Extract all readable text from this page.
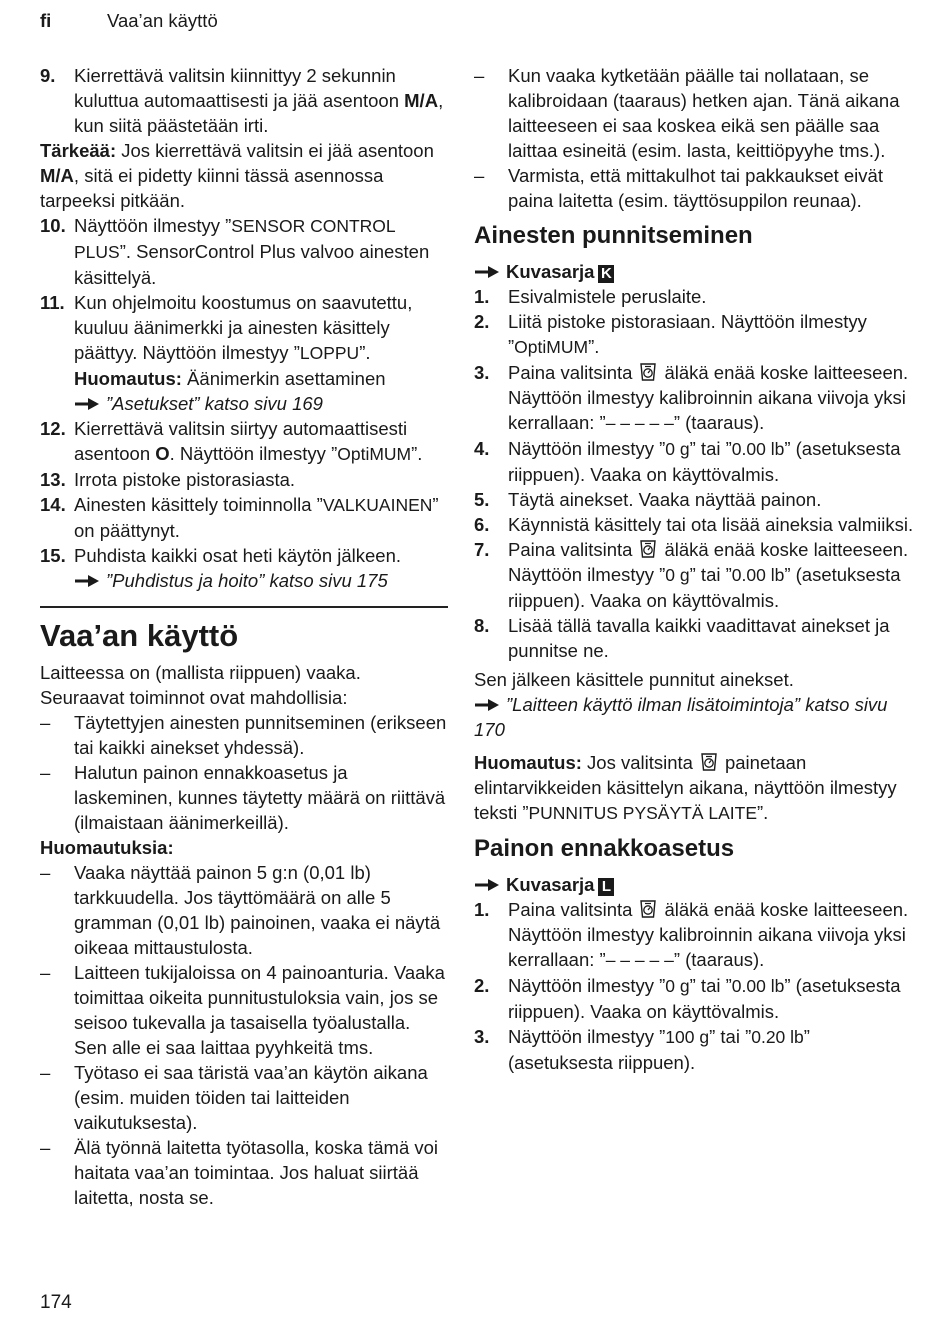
fi	Vaa’an käyttö
9.	Kierrettävä valitsin kiinnittyy 2 sekunnin kuluttua automaattisesti ja jää asentoon M/A, kun siitä päästetään irti.
Tärkeää: Jos kierrettävä valitsin ei jää asentoon M/A, sitä ei pidetty kiinni tässä asennossa tarpeeksi pitkään.
10. Näyttöön ilmestyy ”SENSOR CONTROL PLUS”. SensorControl Plus valvoo ainesten käsittelyä.
11. Kun ohjelmoitu koostumus on saavutettu, kuuluu äänimerkki ja ainesten käsittely päättyy. Näyttöön ilmestyy ”LOPPU”.
Huomautus: Äänimerkin asettaminen
”Asetukset” katso sivu 169
12. Kierrettävä valitsin siirtyy automaattisesti asentoon O. Näyttöön ilmestyy ”OptiMUM”.
13. Irrota pistoke pistorasiasta.
14. Ainesten käsittely toiminnolla ”VALKUAINEN” on päättynyt.
15. Puhdista kaikki osat heti käytön jälkeen.
”Puhdistus ja hoito” katso sivu 175
Vaa’an käyttö
Laitteessa on (mallista riippuen) vaaka. Seuraavat toiminnot ovat mahdollisia:
–	Täytettyjen ainesten punnitseminen (erikseen tai kaikki ainekset yhdessä).
–	Halutun painon ennakkoasetus ja laskeminen, kunnes täytetty määrä on riittävä (ilmaistaan äänimerkeillä).
Huomautuksia:
–	Vaaka näyttää painon 5 g:n (0,01 lb) tarkkuudella. Jos täyttömäärä on alle 5 gramman (0,01 lb) painoinen, vaaka ei näytä oikeaa mittaustulosta.
–	Laitteen tukijaloissa on 4 painoanturia. Vaaka toimittaa oikeita punnitustuloksia vain, jos se seisoo tukevalla ja tasaisella työalustalla. Sen alle ei saa laittaa pyyhkeitä tms.
–	Työtaso ei saa täristä vaa’an käytön aikana (esim. muiden töiden tai laitteiden vaikutuksesta).
–	Älä työnnä laitetta työtasolla, koska tämä voi haitata vaa’an toimintaa. Jos haluat siirtää laitetta, nosta se.
–	Kun vaaka kytketään päälle tai nollataan, se kalibroidaan (taaraus) hetken ajan. Tänä aikana laitteeseen ei saa koskea eikä sen päälle saa laittaa esineitä (esim. lasta, keittiöpyyhe tms.).
–	Varmista, että mittakulhot tai pakkaukset eivät paina laitetta (esim. täyttösuppilon reunaa).
Ainesten punnitseminen
Kuvasarja K
1.	Esivalmistele peruslaite.
2.	Liitä pistoke pistorasiaan. Näyttöön ilmestyy ”OptiMUM”.
3.	Paina valitsinta äläkä enää koske laitteeseen. Näyttöön ilmestyy kalibroinnin aikana viivoja yksi kerrallaan: ”– – – – –” (taaraus).
4.	Näyttöön ilmestyy ”0 g” tai ”0.00 lb” (asetuksesta riippuen). Vaaka on käyttövalmis.
5.	Täytä ainekset. Vaaka näyttää painon.
6.	Käynnistä käsittely tai ota lisää aineksia valmiiksi.
7.	Paina valitsinta äläkä enää koske laitteeseen. Näyttöön ilmestyy ”0 g” tai ”0.00 lb” (asetuksesta riippuen). Vaaka on käyttövalmis.
8.	Lisää tällä tavalla kaikki vaadittavat ainekset ja punnitse ne.
Sen jälkeen käsittele punnitut ainekset.
”Laitteen käyttö ilman lisätoimintoja” katso sivu 170
Huomautus: Jos valitsinta painetaan elintarvikkeiden käsittelyn aikana, näyttöön ilmestyy teksti ”PUNNITUS PYSÄYTÄ LAITE”.
Painon ennakkoasetus
Kuvasarja L
1.	Paina valitsinta äläkä enää koske laitteeseen. Näyttöön ilmestyy kalibroinnin aikana viivoja yksi kerrallaan: ”– – – – –” (taaraus).
2.	Näyttöön ilmestyy ”0 g” tai ”0.00 lb” (asetuksesta riippuen). Vaaka on käyttövalmis.
3.	Näyttöön ilmestyy ”100 g” tai ”0.20 lb” (asetuksesta riippuen).
174
